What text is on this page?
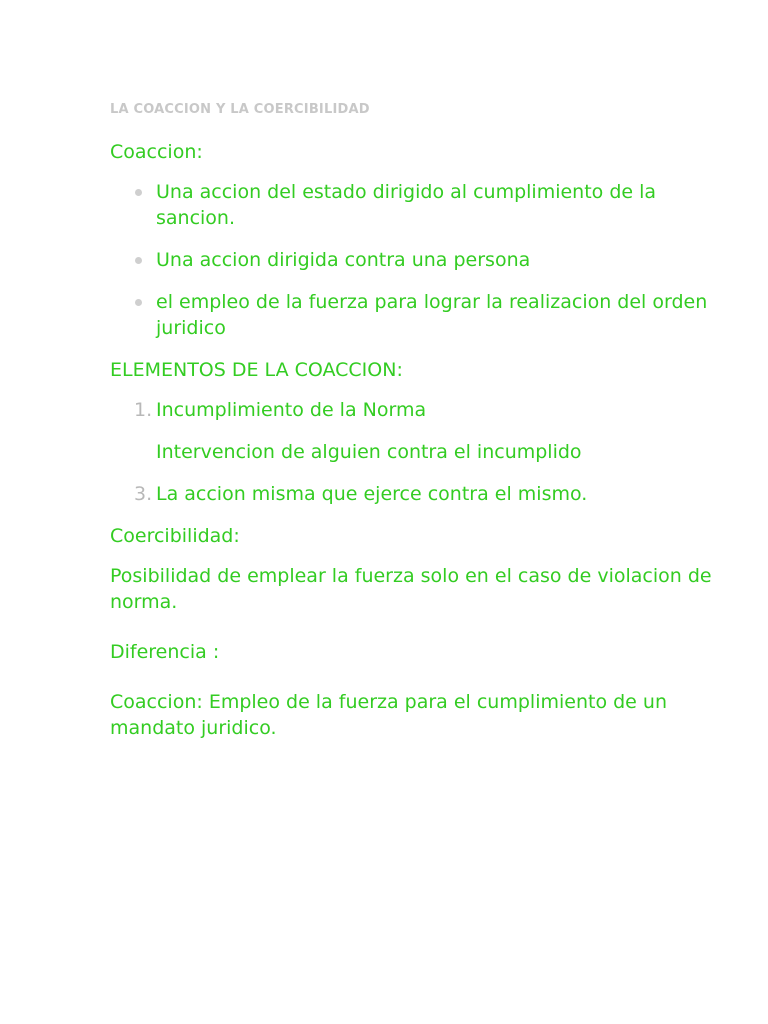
LA COACCION Y LA COERCIBILIDAD

Coaccion:

Una accion del estado dirigido al cumplimiento de la sancion.
Una accion dirigida contra una persona
el empleo de la fuerza para lograr la realizacion del orden juridico

ELEMENTOS DE LA COACCION:

1. Incumplimiento de la Norma
Intervencion de alguien contra el incumplido
3. La accion misma que ejerce contra el mismo.

Coercibilidad:

Posibilidad de emplear la fuerza solo en el caso de violacion de norma.

Diferencia :

Coaccion: Empleo de la fuerza para el cumplimiento de un mandato juridico.
